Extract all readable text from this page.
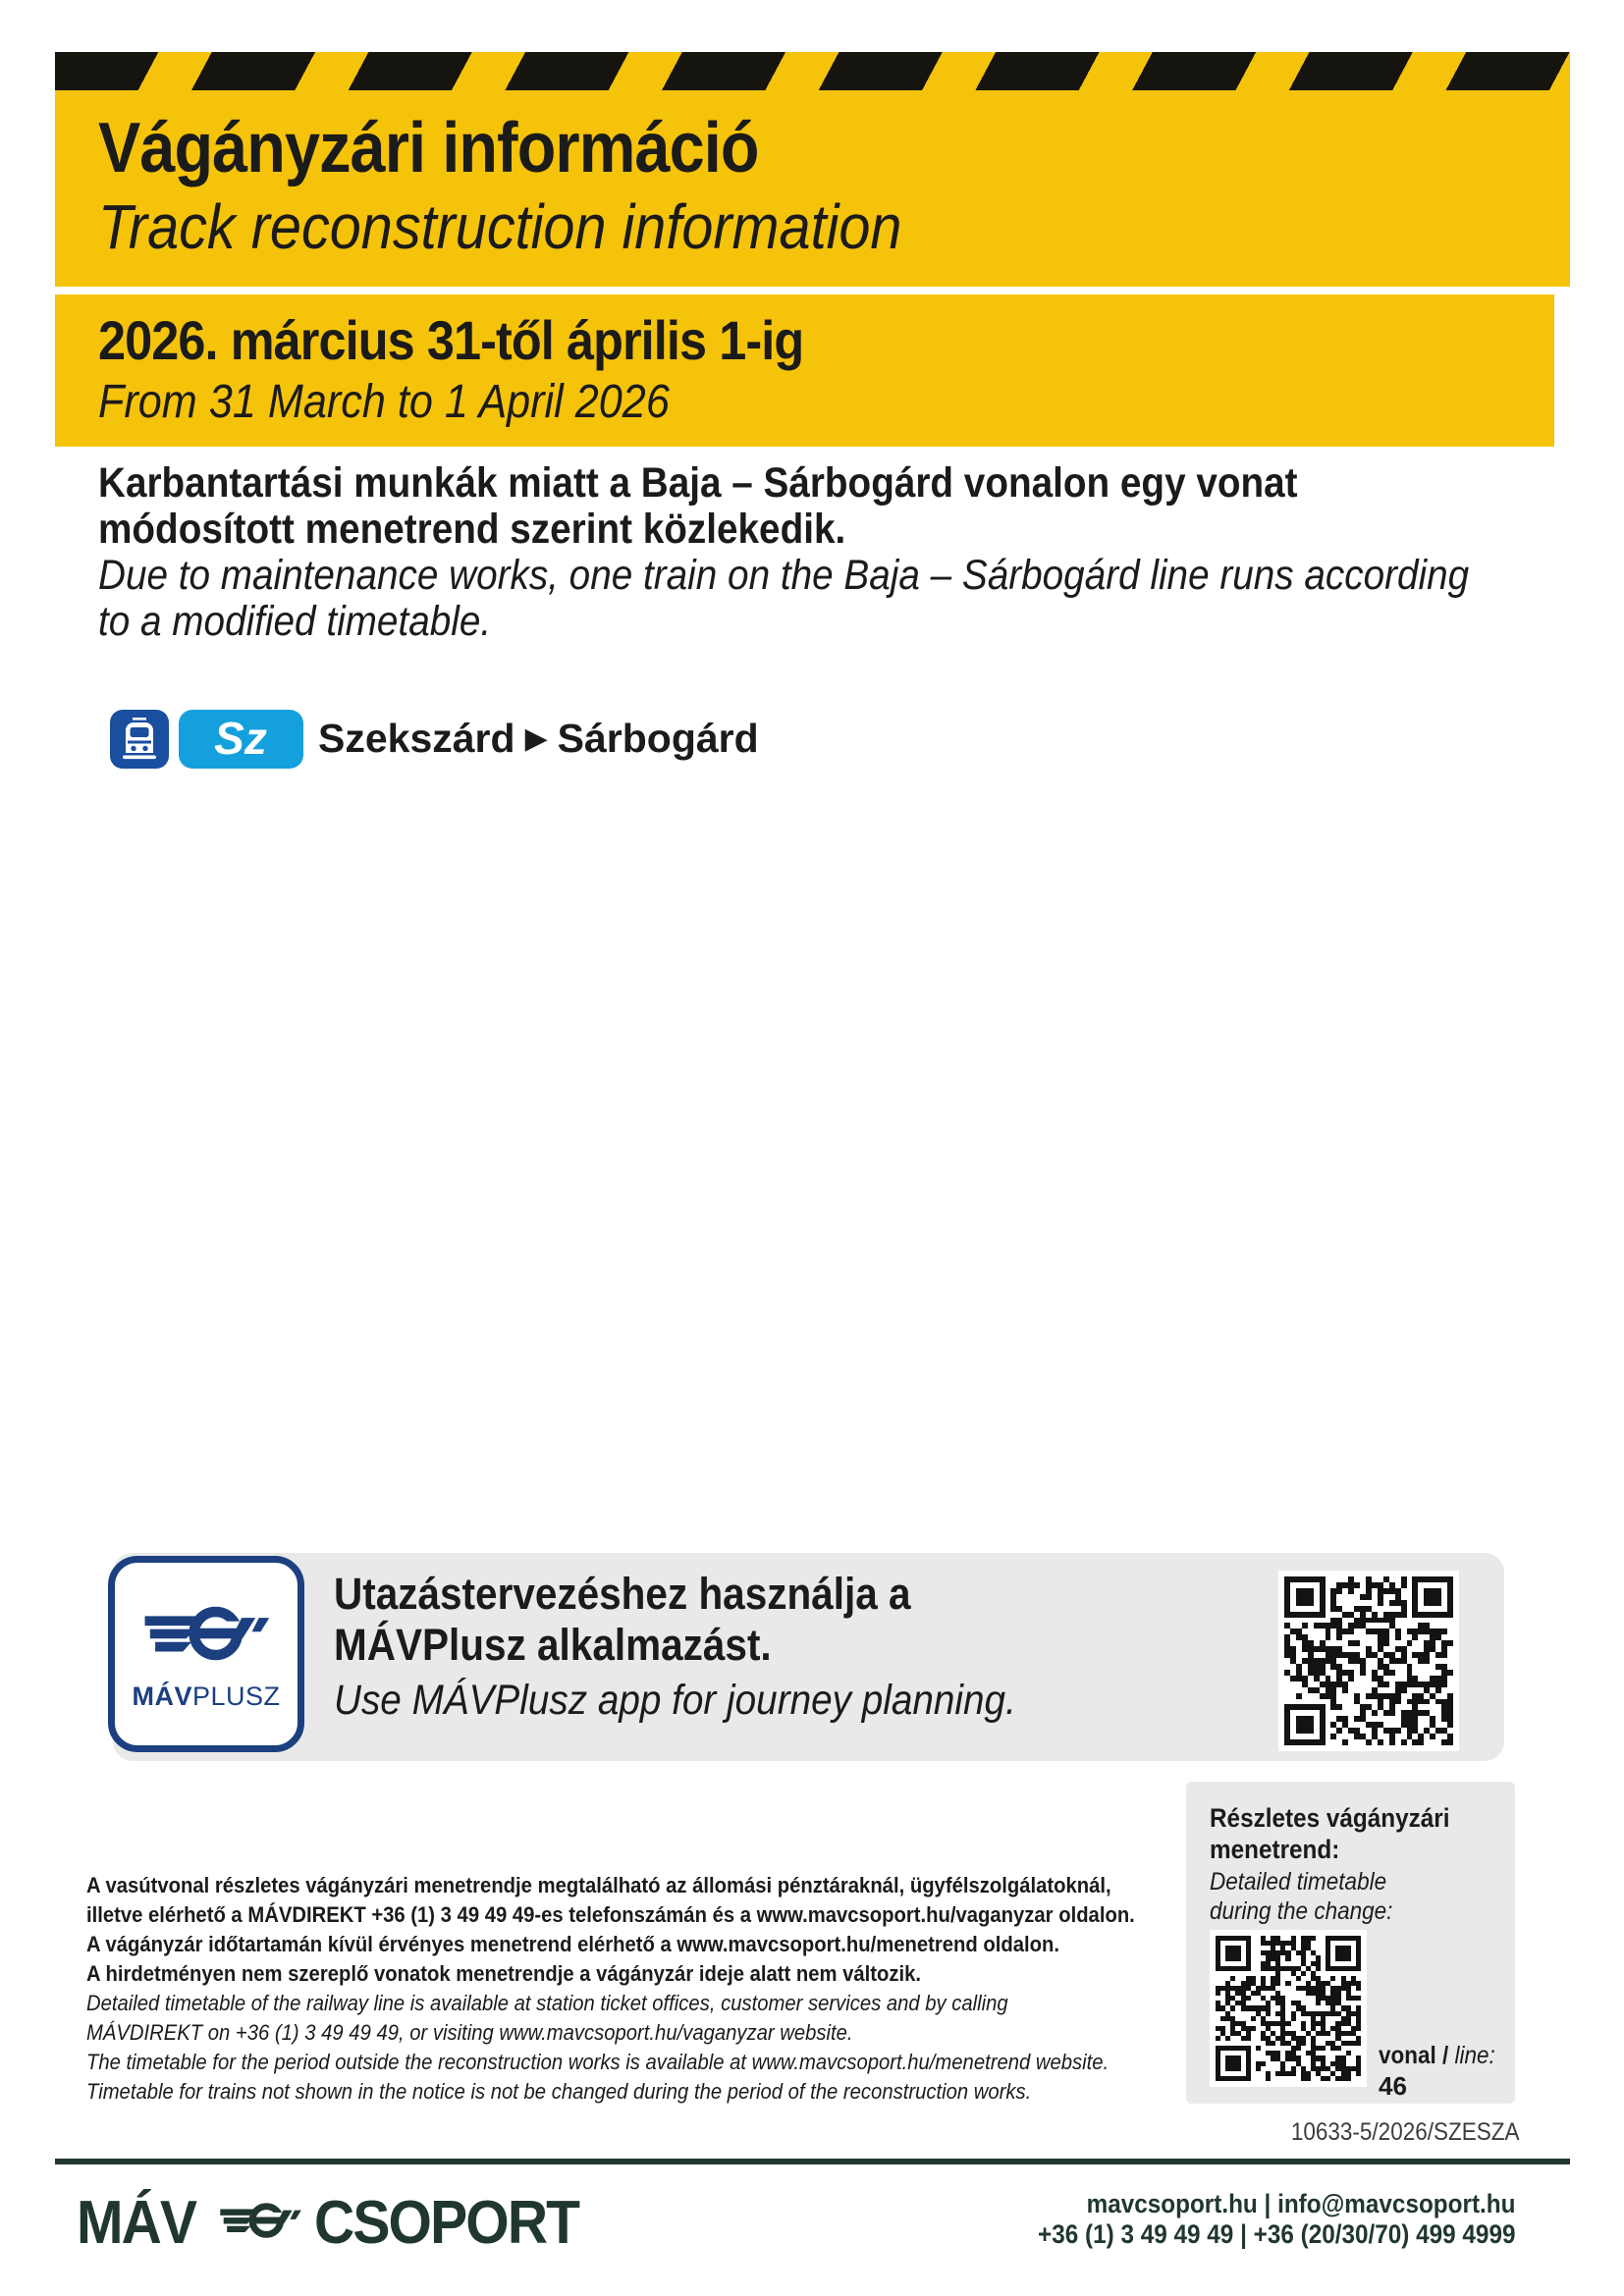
Vágányzári információ
Track reconstruction information
2026. március 31-től április 1-ig
From 31 March to 1 April 2026
Karbantartási munkák miatt a Baja – Sárbogárd vonalon egy vonat
módosított menetrend szerint közlekedik.
Due to maintenance works, one train on the Baja – Sárbogárd line runs according
to a modified timetable.
Sz Szekszárd ▶ Sárbogárd
MÁVPLUSZ
Utazástervezéshez használja a
MÁVPlusz alkalmazást.
Use MÁVPlusz app for journey planning.
Részletes vágányzári
menetrend:
Detailed timetable
during the change:
vonal / line:
46
A vasútvonal részletes vágányzári menetrendje megtalálható az állomási pénztáraknál, ügyfélszolgálatoknál,
illetve elérhető a MÁVDIREKT +36 (1) 3 49 49 49-es telefonszámán és a www.mavcsoport.hu/vaganyzar oldalon.
A vágányzár időtartamán kívül érvényes menetrend elérhető a www.mavcsoport.hu/menetrend oldalon.
A hirdetményen nem szereplő vonatok menetrendje a vágányzár ideje alatt nem változik.
Detailed timetable of the railway line is available at station ticket offices, customer services and by calling
MÁVDIREKT on +36 (1) 3 49 49 49, or visiting www.mavcsoport.hu/vaganyzar website.
The timetable for the period outside the reconstruction works is available at www.mavcsoport.hu/menetrend website.
Timetable for trains not shown in the notice is not be changed during the period of the reconstruction works.
10633-5/2026/SZESZA
MÁV CSOPORT	mavcsoport.hu | info@mavcsoport.hu
+36 (1) 3 49 49 49 | +36 (20/30/70) 499 4999
